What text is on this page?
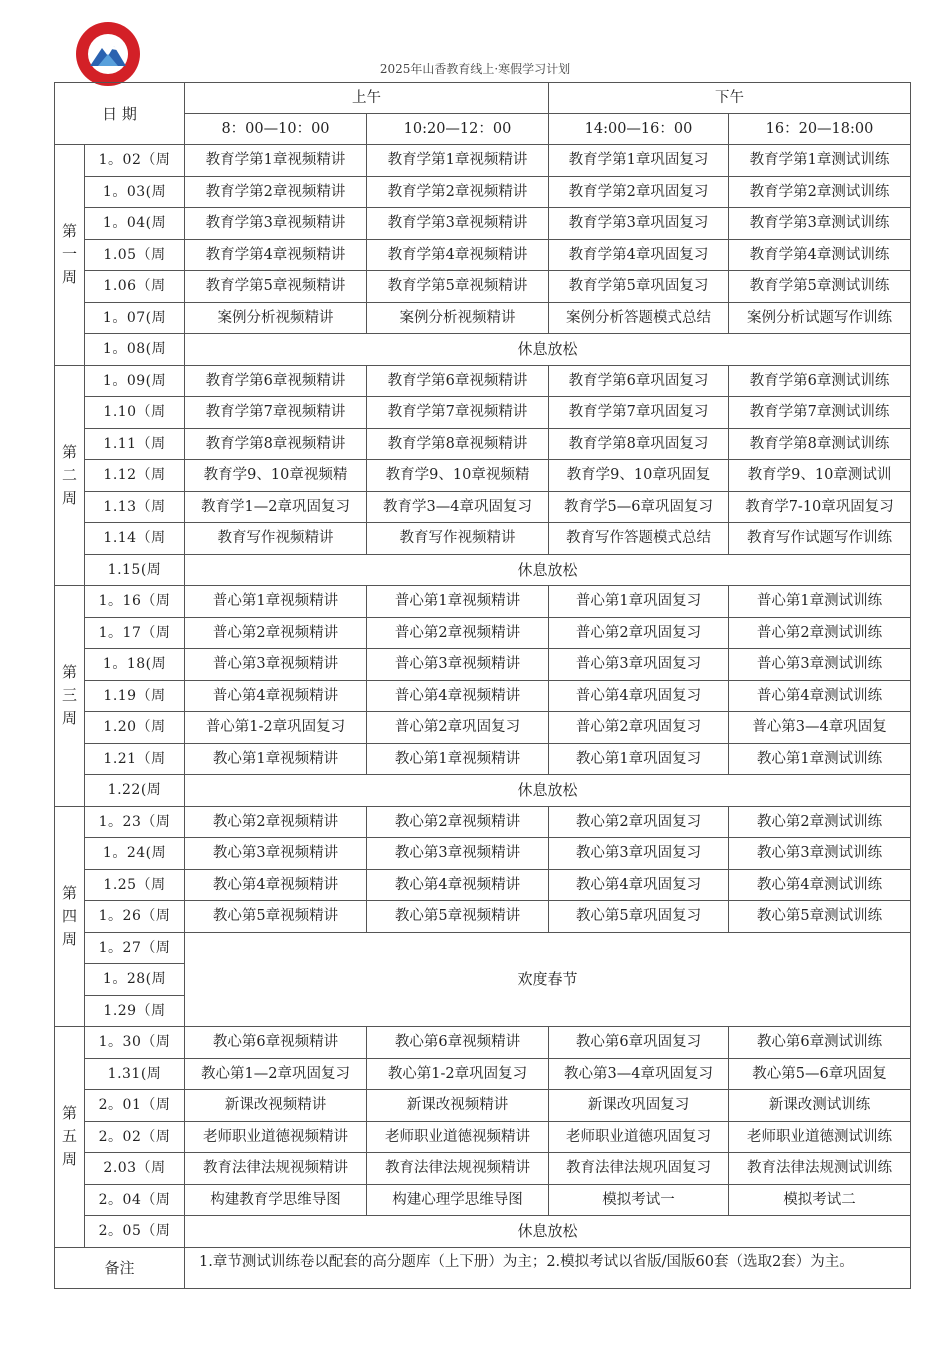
2025年山香教育线上·寒假学习计划
日 期		上午		下午	
		8：00—10：00	10:20—12：00	14:00—16：00	16：20—18:00
第
一
周	1。02（周	教育学第1章视频精讲	教育学第1章视频精讲	教育学第1章巩固复习	教育学第1章测试训练
	1。03(周	教育学第2章视频精讲	教育学第2章视频精讲	教育学第2章巩固复习	教育学第2章测试训练
	1。04(周	教育学第3章视频精讲	教育学第3章视频精讲	教育学第3章巩固复习	教育学第3章测试训练
	1.05（周	教育学第4章视频精讲	教育学第4章视频精讲	教育学第4章巩固复习	教育学第4章测试训练
	1.06（周	教育学第5章视频精讲	教育学第5章视频精讲	教育学第5章巩固复习	教育学第5章测试训练
	1。07(周	案例分析视频精讲	案例分析视频精讲	案例分析答题模式总结	案例分析试题写作训练
	1。08(周	休息放松			
第
二
周	1。09(周	教育学第6章视频精讲	教育学第6章视频精讲	教育学第6章巩固复习	教育学第6章测试训练
	1.10（周	教育学第7章视频精讲	教育学第7章视频精讲	教育学第7章巩固复习	教育学第7章测试训练
	1.11（周	教育学第8章视频精讲	教育学第8章视频精讲	教育学第8章巩固复习	教育学第8章测试训练
	1.12（周	教育学9、10章视频精	教育学9、10章视频精	教育学9、10章巩固复	教育学9、10章测试训
	1.13（周	教育学1—2章巩固复习	教育学3—4章巩固复习	教育学5—6章巩固复习	教育学7-10章巩固复习
	1.14（周	教育写作视频精讲	教育写作视频精讲	教育写作答题模式总结	教育写作试题写作训练
	1.15(周	休息放松			
第
三
周	1。16（周	普心第1章视频精讲	普心第1章视频精讲	普心第1章巩固复习	普心第1章测试训练
	1。17（周	普心第2章视频精讲	普心第2章视频精讲	普心第2章巩固复习	普心第2章测试训练
	1。18(周	普心第3章视频精讲	普心第3章视频精讲	普心第3章巩固复习	普心第3章测试训练
	1.19（周	普心第4章视频精讲	普心第4章视频精讲	普心第4章巩固复习	普心第4章测试训练
	1.20（周	普心第1-2章巩固复习	普心第2章巩固复习	普心第2章巩固复习	普心第3—4章巩固复
	1.21（周	教心第1章视频精讲	教心第1章视频精讲	教心第1章巩固复习	教心第1章测试训练
	1.22(周	休息放松			
第
四
周	1。23（周	教心第2章视频精讲	教心第2章视频精讲	教心第2章巩固复习	教心第2章测试训练
	1。24(周	教心第3章视频精讲	教心第3章视频精讲	教心第3章巩固复习	教心第3章测试训练
	1.25（周	教心第4章视频精讲	教心第4章视频精讲	教心第4章巩固复习	教心第4章测试训练
	1。26（周	教心第5章视频精讲	教心第5章视频精讲	教心第5章巩固复习	教心第5章测试训练
	1。27（周	欢度春节			
	1。28(周				
	1.29（周				
第
五
周	1。30（周	教心第6章视频精讲	教心第6章视频精讲	教心第6章巩固复习	教心第6章测试训练
	1.31(周	教心第1—2章巩固复习	教心第1-2章巩固复习	教心第3—4章巩固复习	教心第5—6章巩固复
	2。01（周	新课改视频精讲	新课改视频精讲	新课改巩固复习	新课改测试训练
	2。02（周	老师职业道德视频精讲	老师职业道德视频精讲	老师职业道德巩固复习	老师职业道德测试训练
	2.03（周	教育法律法规视频精讲	教育法律法规视频精讲	教育法律法规巩固复习	教育法律法规测试训练
	2。04（周	构建教育学思维导图	构建心理学思维导图	模拟考试一	模拟考试二
	2。05（周	休息放松			
备注		1.章节测试训练卷以配套的高分题库（上下册）为主；2.模拟考试以省版/国版60套（选取2套）为主。			
